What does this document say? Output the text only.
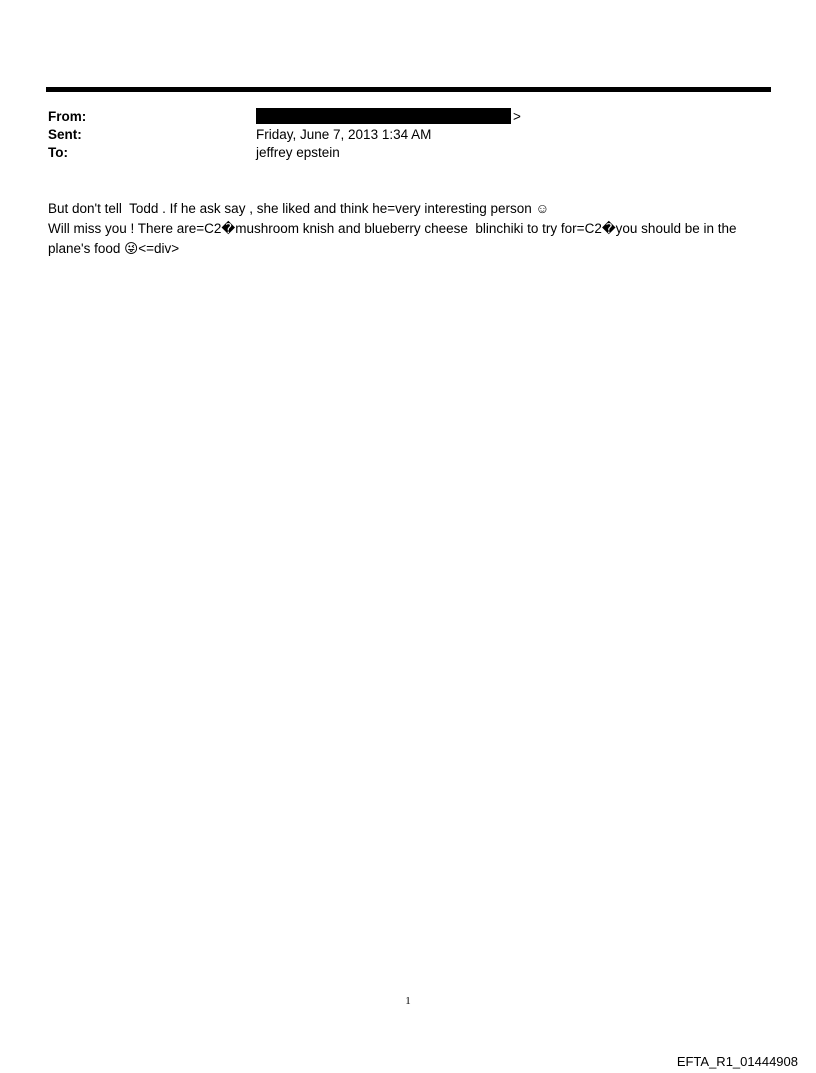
From:	>
Sent:	Friday, June 7, 2013 1:34 AM
To:	jeffrey epstein
But don't tell  Todd . If he ask say , she liked and think he=very interesting person ☺
Will miss you ! There are=C2�mushroom knish and blueberry cheese  blinchiki to try for=C2�you should be in the
plane's food 😜<=div>
1
EFTA_R1_01444908
